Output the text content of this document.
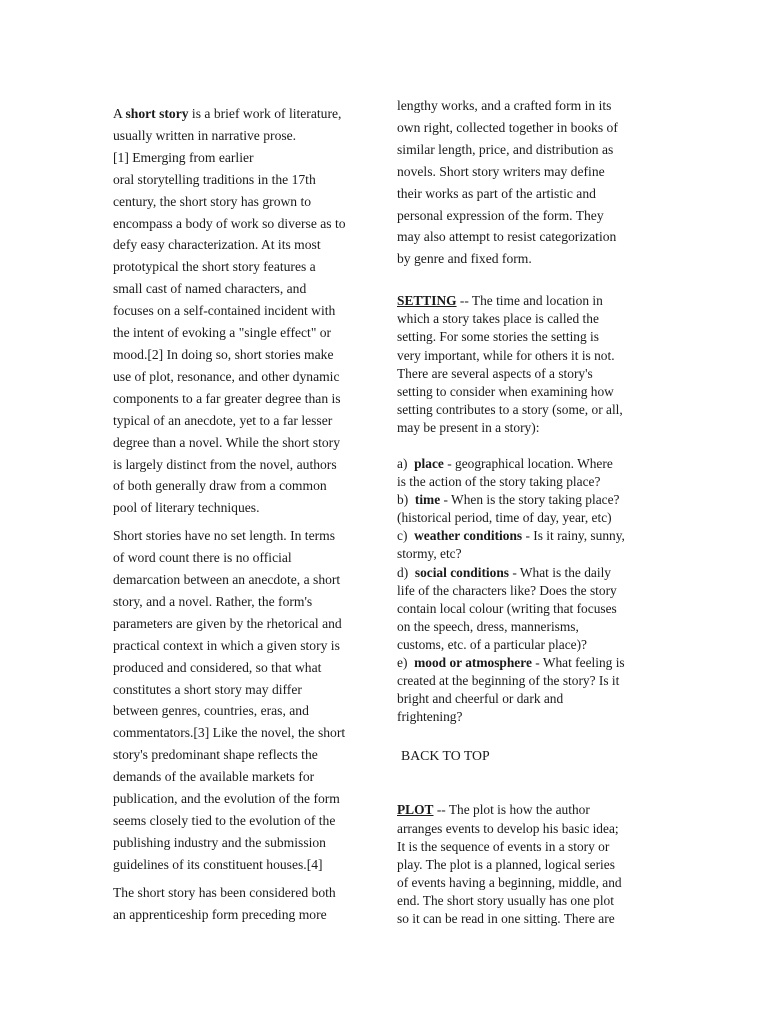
A short story is a brief work of literature,
usually written in narrative prose.
[1] Emerging from earlier
oral storytelling traditions in the 17th
century, the short story has grown to
encompass a body of work so diverse as to
defy easy characterization. At its most
prototypical the short story features a
small cast of named characters, and
focuses on a self-contained incident with
the intent of evoking a "single effect" or
mood.[2] In doing so, short stories make
use of plot, resonance, and other dynamic
components to a far greater degree than is
typical of an anecdote, yet to a far lesser
degree than a novel. While the short story
is largely distinct from the novel, authors
of both generally draw from a common
pool of literary techniques.

Short stories have no set length. In terms
of word count there is no official
demarcation between an anecdote, a short
story, and a novel. Rather, the form's
parameters are given by the rhetorical and
practical context in which a given story is
produced and considered, so that what
constitutes a short story may differ
between genres, countries, eras, and
commentators.[3] Like the novel, the short
story's predominant shape reflects the
demands of the available markets for
publication, and the evolution of the form
seems closely tied to the evolution of the
publishing industry and the submission
guidelines of its constituent houses.[4]

The short story has been considered both
an apprenticeship form preceding more

lengthy works, and a crafted form in its
own right, collected together in books of
similar length, price, and distribution as
novels. Short story writers may define
their works as part of the artistic and
personal expression of the form. They
may also attempt to resist categorization
by genre and fixed form.
SETTING -- The time and location in
which a story takes place is called the
setting. For some stories the setting is
very important, while for others it is not.
There are several aspects of a story's
setting to consider when examining how
setting contributes to a story (some, or all,
may be present in a story):
a)  place - geographical location. Where
is the action of the story taking place?
b)  time - When is the story taking place?
(historical period, time of day, year, etc)
c)  weather conditions - Is it rainy, sunny,
stormy, etc?
d)  social conditions - What is the daily
life of the characters like? Does the story
contain local colour (writing that focuses
on the speech, dress, mannerisms,
customs, etc. of a particular place)?
e)  mood or atmosphere - What feeling is
created at the beginning of the story? Is it
bright and cheerful or dark and
frightening?
BACK TO TOP
PLOT -- The plot is how the author
arranges events to develop his basic idea;
It is the sequence of events in a story or
play. The plot is a planned, logical series
of events having a beginning, middle, and
end. The short story usually has one plot
so it can be read in one sitting. There are
